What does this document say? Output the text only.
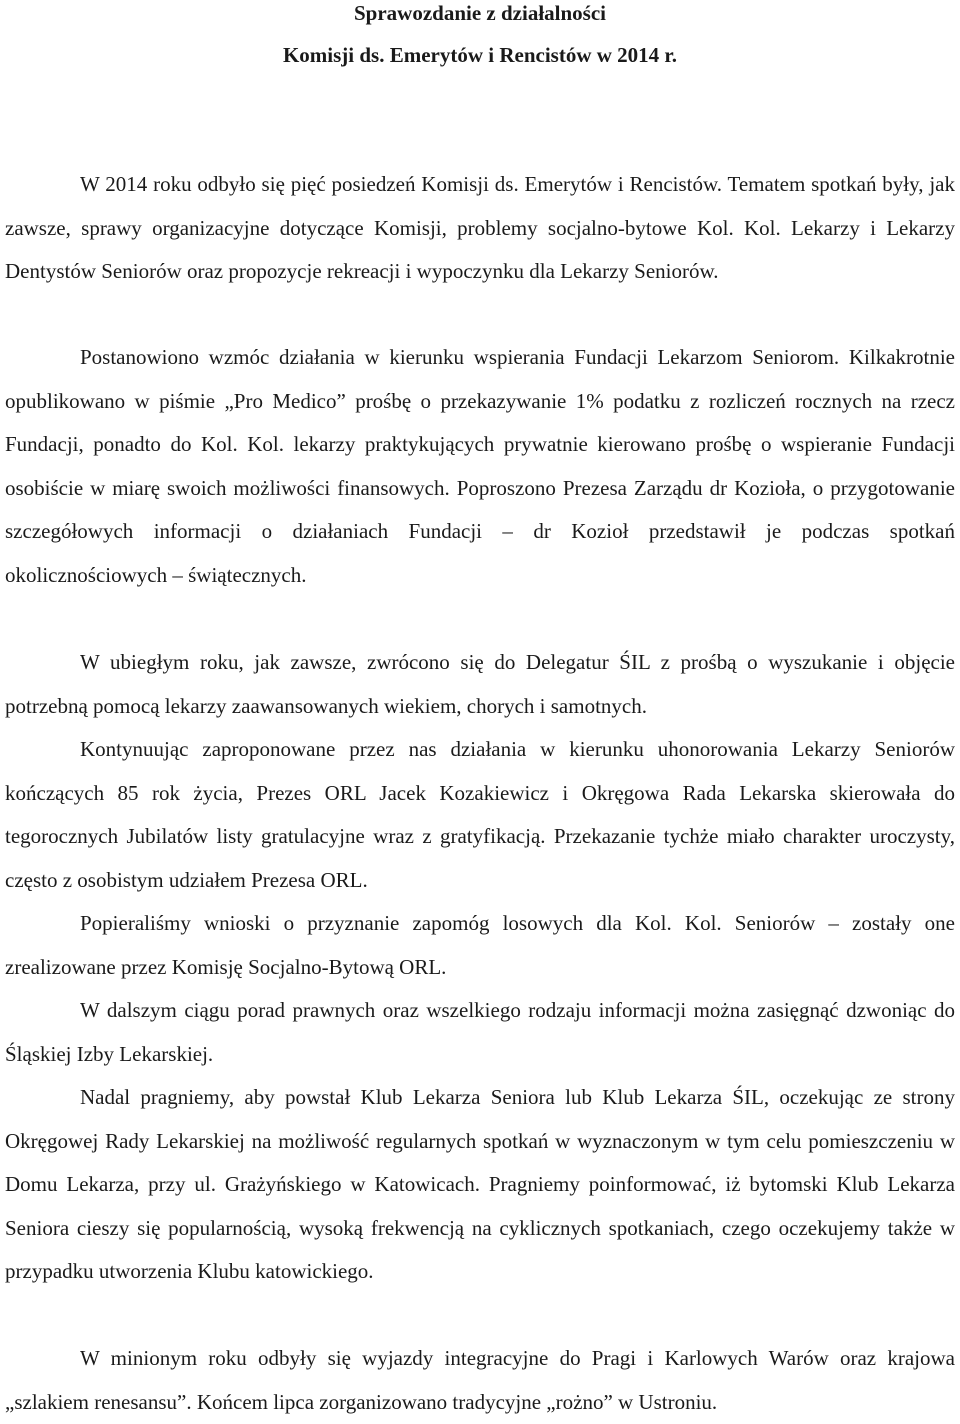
Sprawozdanie z działalności
Komisji ds. Emerytów i Rencistów w 2014 r.
W 2014 roku odbyło się pięć posiedzeń Komisji ds. Emerytów i Rencistów. Tematem spotkań były, jak zawsze, sprawy organizacyjne dotyczące Komisji, problemy socjalno-bytowe Kol. Kol. Lekarzy i Lekarzy Dentystów Seniorów oraz propozycje rekreacji i wypoczynku dla Lekarzy Seniorów.
Postanowiono wzmóc działania w kierunku wspierania Fundacji Lekarzom Seniorom. Kilkakrotnie opublikowano w piśmie „Pro Medico” prośbę o przekazywanie 1% podatku z rozliczeń rocznych na rzecz Fundacji, ponadto do Kol. Kol. lekarzy praktykujących prywatnie kierowano prośbę o wspieranie Fundacji osobiście w miarę swoich możliwości finansowych. Poproszono Prezesa Zarządu dr Kozioła, o przygotowanie szczegółowych informacji o działaniach Fundacji – dr Kozioł przedstawił je podczas spotkań okolicznościowych – świątecznych.
W ubiegłym roku, jak zawsze, zwrócono się do Delegatur ŚIL z prośbą o wyszukanie i objęcie potrzebną pomocą lekarzy zaawansowanych wiekiem, chorych i samotnych.
Kontynuując zaproponowane przez nas działania w kierunku uhonorowania Lekarzy Seniorów kończących 85 rok życia, Prezes ORL Jacek Kozakiewicz i Okręgowa Rada Lekarska skierowała do tegorocznych Jubilatów listy gratulacyjne wraz z gratyfikacją. Przekazanie tychże miało charakter uroczysty, często z osobistym udziałem Prezesa ORL.
Popieraliśmy wnioski o przyznanie zapomóg losowych dla Kol. Kol. Seniorów – zostały one zrealizowane przez Komisję Socjalno-Bytową ORL.
W dalszym ciągu porad prawnych oraz wszelkiego rodzaju informacji można zasięgnąć dzwoniąc do Śląskiej Izby Lekarskiej.
Nadal pragniemy, aby powstał Klub Lekarza Seniora lub Klub Lekarza ŚIL, oczekując ze strony Okręgowej Rady Lekarskiej na możliwość regularnych spotkań w wyznaczonym w tym celu pomieszczeniu w Domu Lekarza, przy ul. Grażyńskiego w Katowicach. Pragniemy poinformować, iż bytomski Klub Lekarza Seniora cieszy się popularnością, wysoką frekwencją na cyklicznych spotkaniach, czego oczekujemy także w przypadku utworzenia Klubu katowickiego.
W minionym roku odbyły się wyjazdy integracyjne do Pragi i Karlowych Warów oraz krajowa „szlakiem renesansu”. Końcem lipca zorganizowano tradycyjne „rożno” w Ustroniu.
